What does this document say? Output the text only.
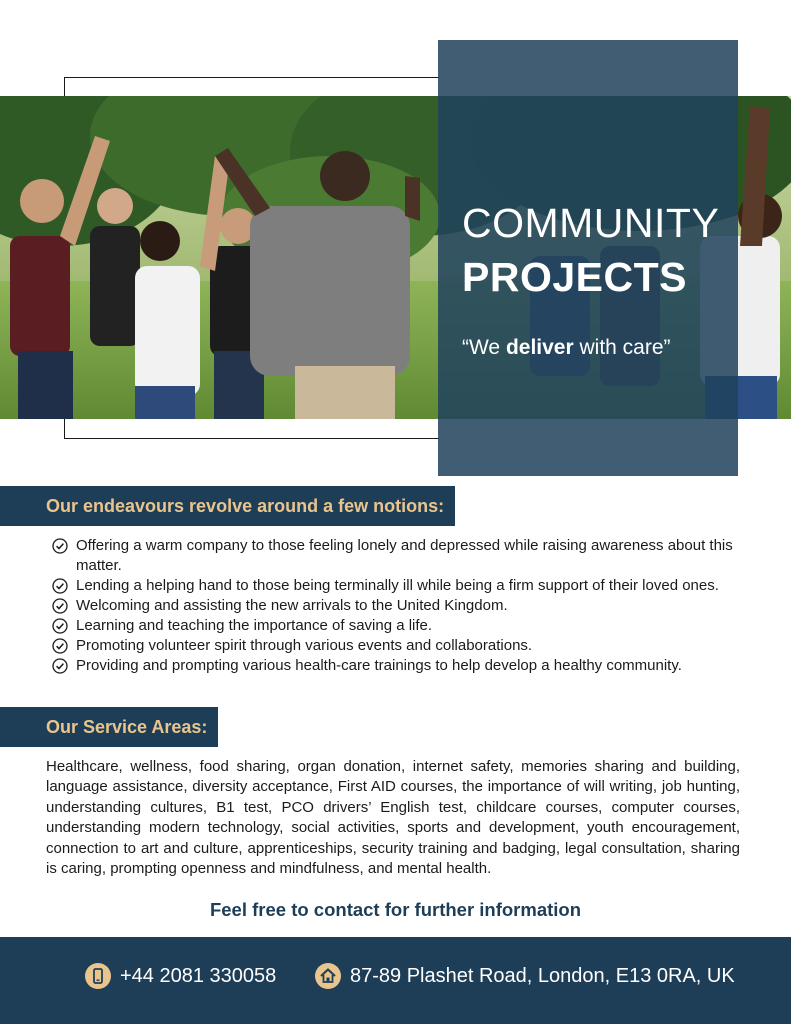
COMMUNITY
PROJECTS
“We deliver with care”
Our endeavours revolve around a few notions:
Offering a warm company to those feeling lonely and depressed while raising awareness about this matter.
Lending a helping hand to those being terminally ill while being a firm support of their loved ones.
Welcoming and assisting the new arrivals to the United Kingdom.
Learning and teaching the importance of saving a life.
Promoting volunteer spirit through various events and collaborations.
Providing and prompting various health-care trainings to help develop a healthy community.
Our Service Areas:

Healthcare, wellness, food sharing, organ donation, internet safety, memories sharing and building, language assistance, diversity acceptance, First AID courses, the importance of will writing, job hunting, understanding cultures, B1 test, PCO drivers’ English test, childcare courses, computer courses, understanding modern technology, social activities, sports and development, youth encouragement, connection to art and culture, apprenticeships, security training and badging, legal consultation, sharing is caring, prompting openness and mindfulness, and mental health.

Feel free to contact for further information
+44 2081 330058	87-89 Plashet Road, London, E13 0RA, UK
